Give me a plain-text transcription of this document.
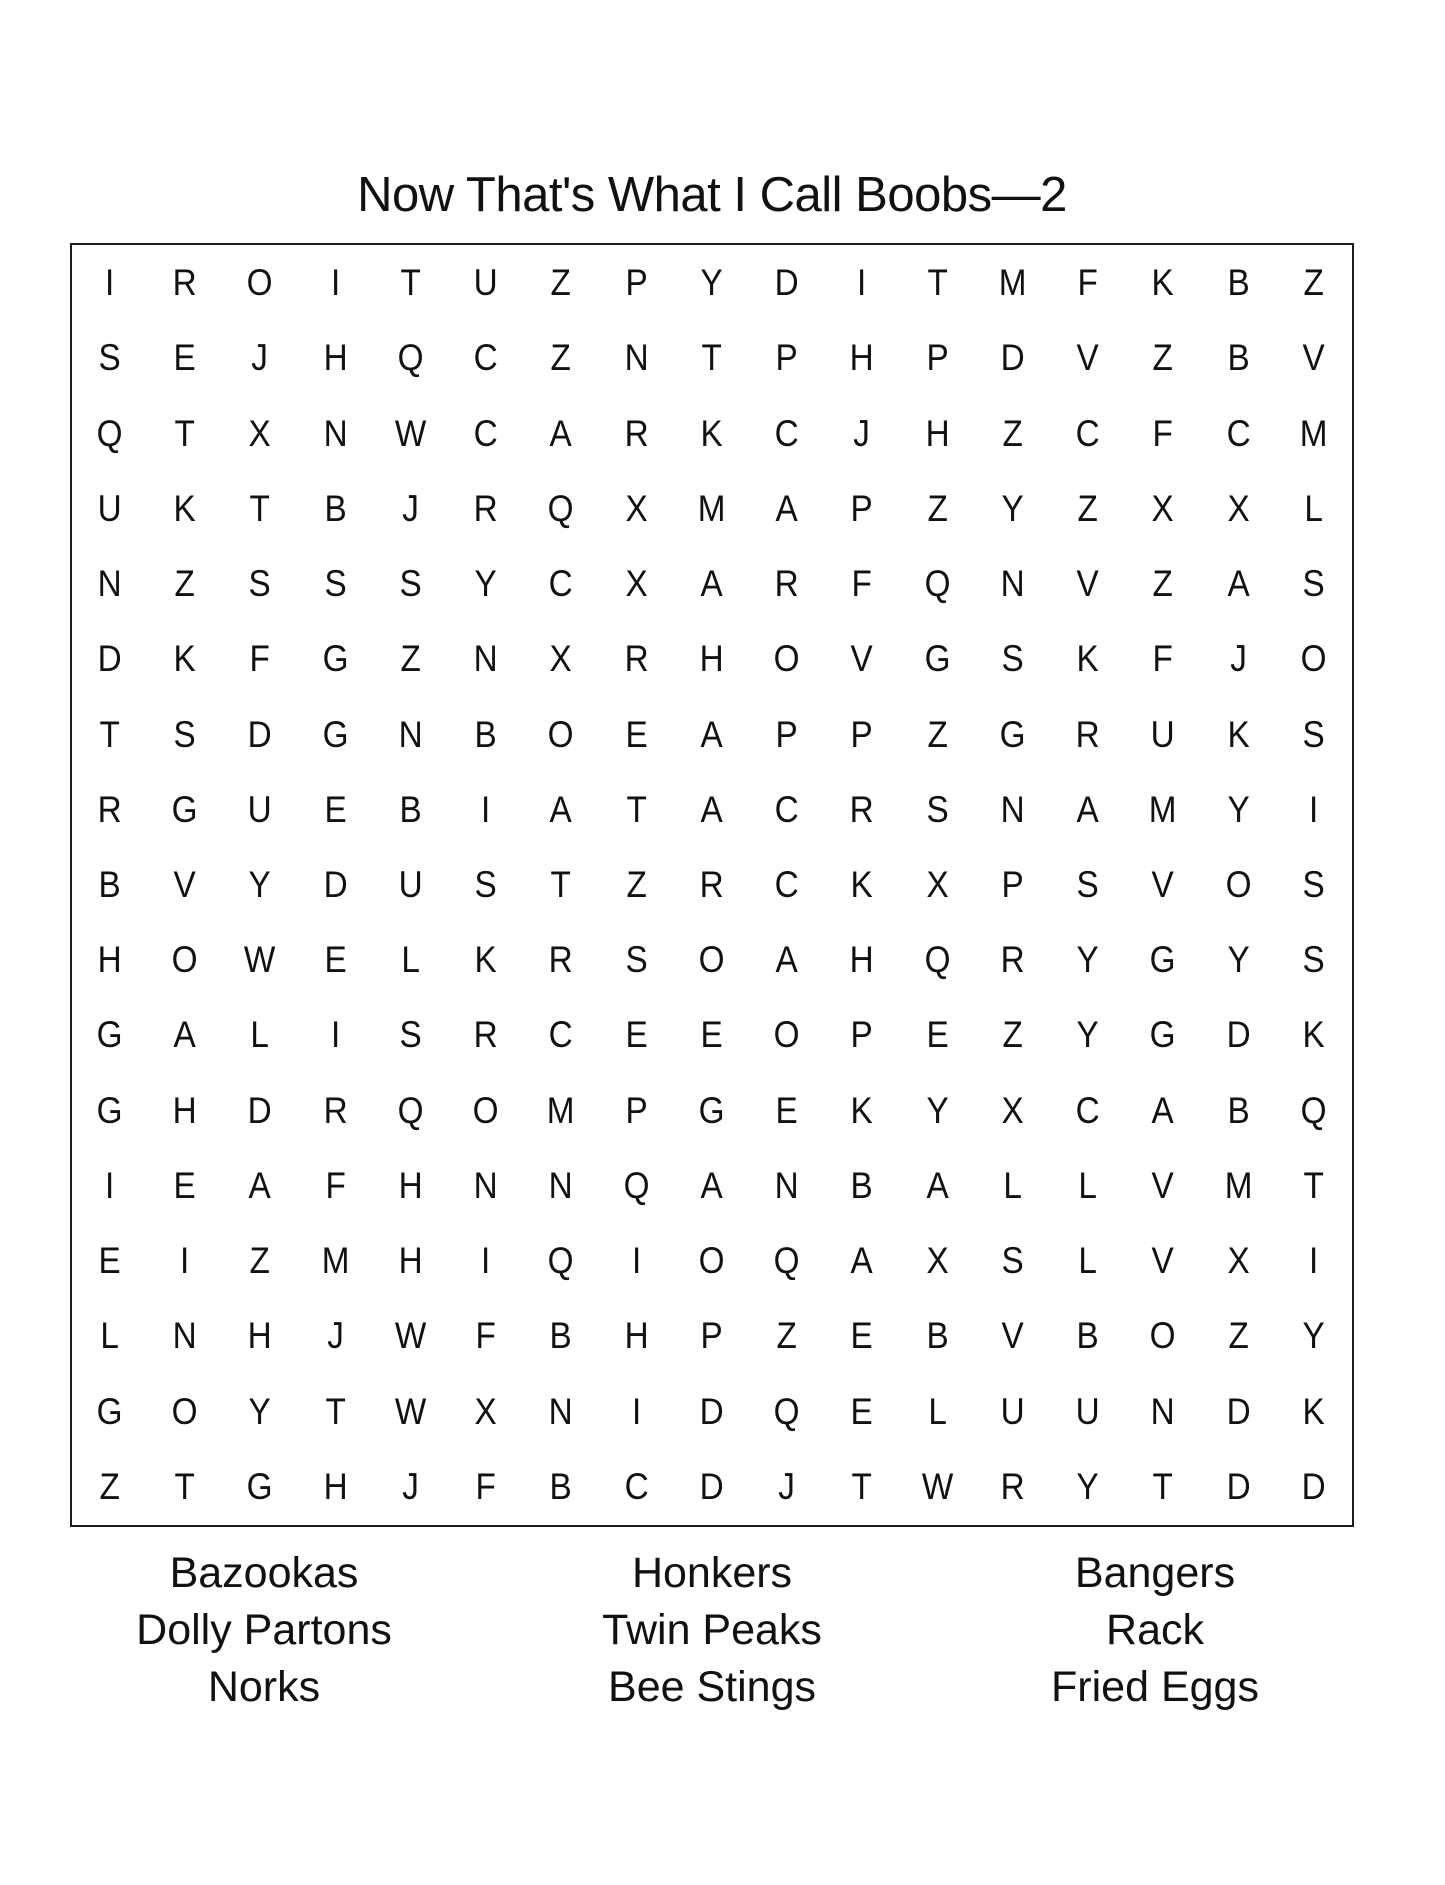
Now That's What I Call Boobs—2
I	R	O	I	T	U	Z	P	Y	D	I	T	M	F	K	B	Z
S	E	J	H	Q	C	Z	N	T	P	H	P	D	V	Z	B	V
Q	T	X	N	W	C	A	R	K	C	J	H	Z	C	F	C	M
U	K	T	B	J	R	Q	X	M	A	P	Z	Y	Z	X	X	L
N	Z	S	S	S	Y	C	X	A	R	F	Q	N	V	Z	A	S
D	K	F	G	Z	N	X	R	H	O	V	G	S	K	F	J	O
T	S	D	G	N	B	O	E	A	P	P	Z	G	R	U	K	S
R	G	U	E	B	I	A	T	A	C	R	S	N	A	M	Y	I
B	V	Y	D	U	S	T	Z	R	C	K	X	P	S	V	O	S
H	O	W	E	L	K	R	S	O	A	H	Q	R	Y	G	Y	S
G	A	L	I	S	R	C	E	E	O	P	E	Z	Y	G	D	K
G	H	D	R	Q	O	M	P	G	E	K	Y	X	C	A	B	Q
I	E	A	F	H	N	N	Q	A	N	B	A	L	L	V	M	T
E	I	Z	M	H	I	Q	I	O	Q	A	X	S	L	V	X	I
L	N	H	J	W	F	B	H	P	Z	E	B	V	B	O	Z	Y
G	O	Y	T	W	X	N	I	D	Q	E	L	U	U	N	D	K
Z	T	G	H	J	F	B	C	D	J	T	W	R	Y	T	D	D
Bazookas
Dolly Partons
Norks
Honkers
Twin Peaks
Bee Stings
Bangers
Rack
Fried Eggs
